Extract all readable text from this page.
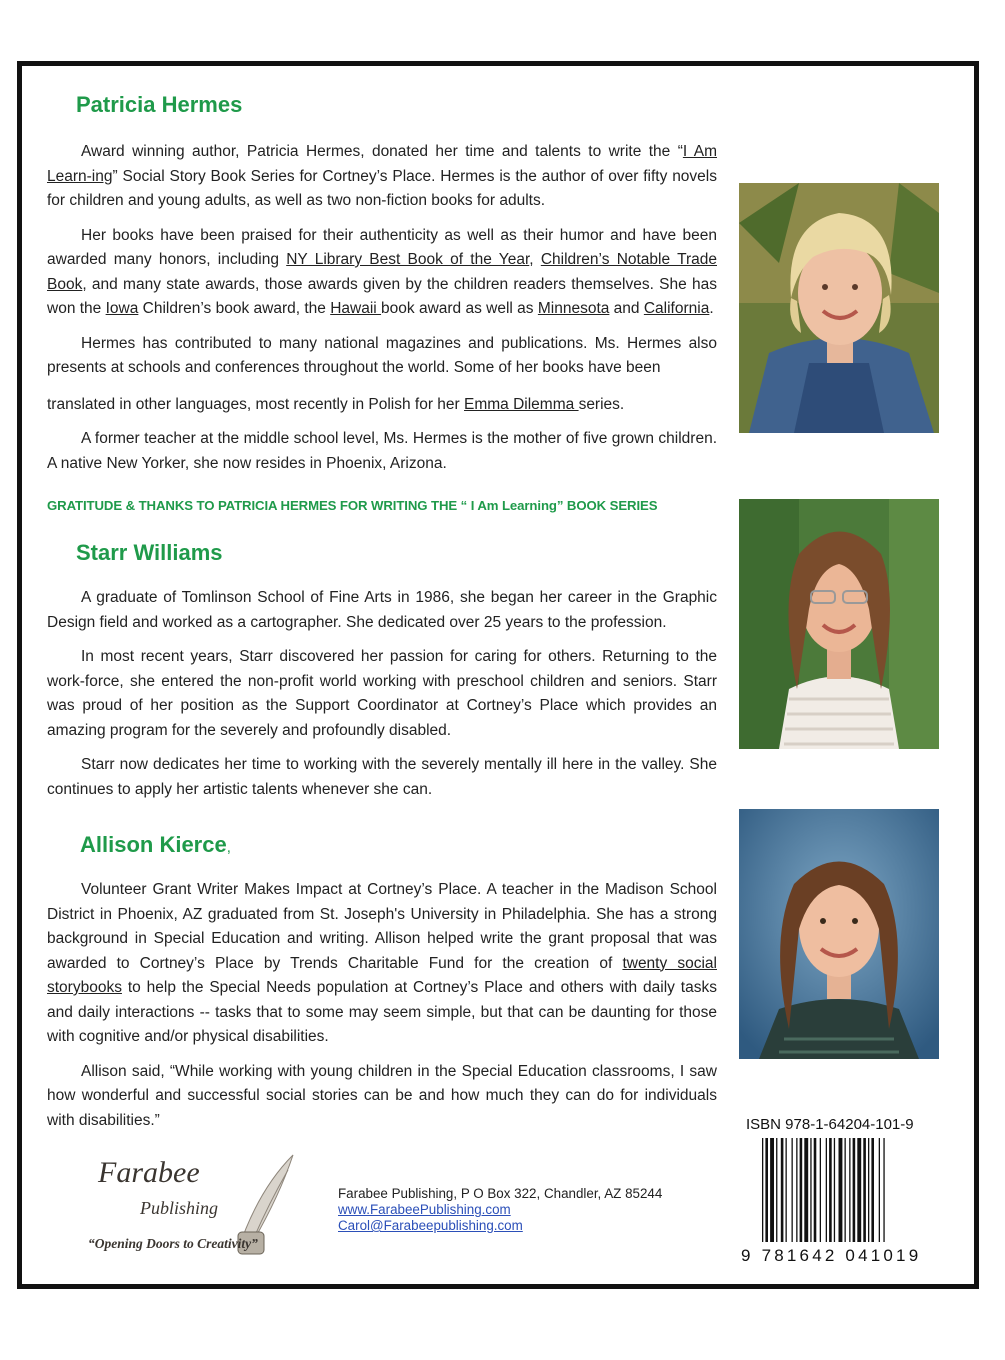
Patricia Hermes

Award winning author, Patricia Hermes, donated her time and talents to write the “I Am Learn-ing” Social Story Book Series for Cortney’s Place. Hermes is the author of over fifty novels for children and young adults, as well as two non-fiction books for adults.

Her books have been praised for their authenticity as well as their humor and have been awarded many honors, including NY Library Best Book of the Year, Children’s Notable Trade Book, and many state awards, those awards given by the children readers themselves. She has won the Iowa Children’s book award, the Hawaii book award as well as Minnesota and California.

Hermes has contributed to many national magazines and publications. Ms. Hermes also presents at schools and conferences throughout the world. Some of her books have been

translated in other languages, most recently in Polish for her Emma Dilemma series.

A former teacher at the middle school level, Ms. Hermes is the mother of five grown children. A native New Yorker, she now resides in Phoenix, Arizona.

GRATITUDE & THANKS TO PATRICIA HERMES FOR WRITING THE “ I Am Learning” BOOK SERIES
Starr Williams

A graduate of Tomlinson School of Fine Arts in 1986, she began her career in the Graphic Design field and worked as a cartographer. She dedicated over 25 years to the profession.

In most recent years, Starr discovered her passion for caring for others. Returning to the work-force, she entered the non-profit world working with preschool children and seniors. Starr was proud of her position as the Support Coordinator at Cortney’s Place which provides an amazing program for the severely and profoundly disabled.

Starr now dedicates her time to working with the severely mentally ill here in the valley. She continues to apply her artistic talents whenever she can.

Allison Kierce,

Volunteer Grant Writer Makes Impact at Cortney’s Place. A teacher in the Madison School District in Phoenix, AZ graduated from St. Joseph's University in Philadelphia. She has a strong background in Special Education and writing. Allison helped write the grant proposal that was awarded to Cortney’s Place by Trends Charitable Fund for the creation of twenty social storybooks to help the Special Needs population at Cortney’s Place and others with daily tasks and daily interactions -- tasks that to some may seem simple, but that can be daunting for those with cognitive and/or physical disabilities.

Allison said, “While working with young children in the Special Education classrooms, I saw how wonderful and successful social stories can be and how much they can do for individuals with disabilities.”	ISBN 978-1-64204-101-9
9 781642 041019
Farabee
Publishing
“Opening Doors to Creativity”
Farabee Publishing, P O Box 322, Chandler, AZ 85244
www.FarabeePublishing.com
Carol@Farabeepublishing.com
